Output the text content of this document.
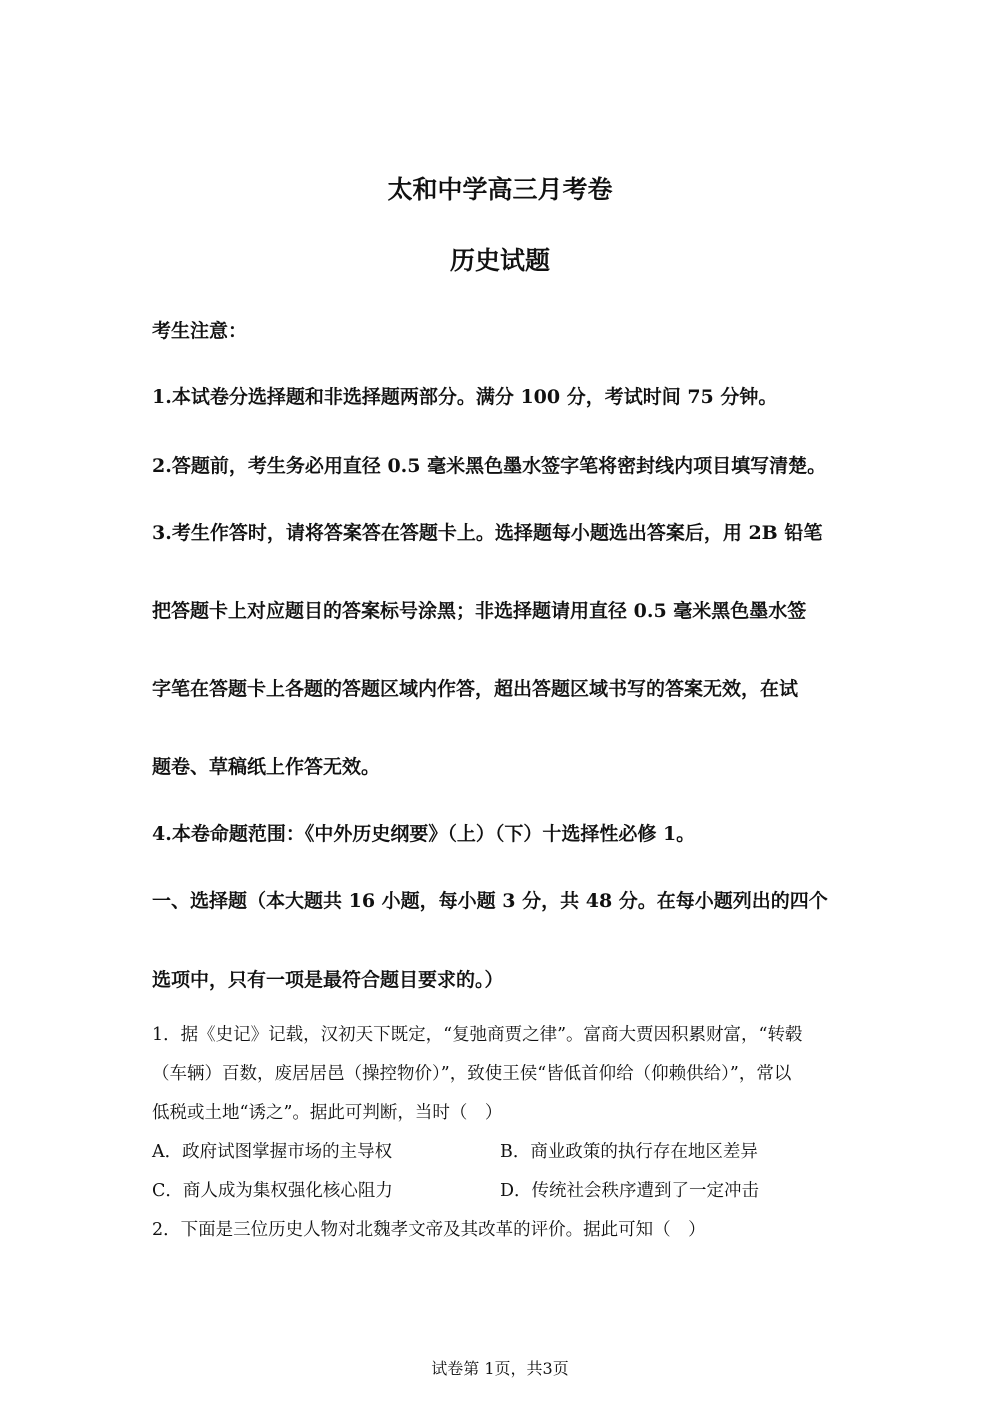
太和中学高三月考卷
历史试题
考生注意：
1.本试卷分选择题和非选择题两部分。满分 100 分，考试时间 75 分钟。
2.答题前，考生务必用直径 0.5 毫米黑色墨水签字笔将密封线内项目填写清楚。
3.考生作答时，请将答案答在答题卡上。选择题每小题选出答案后，用 2B 铅笔
把答题卡上对应题目的答案标号涂黑；非选择题请用直径 0.5 毫米黑色墨水签
字笔在答题卡上各题的答题区域内作答，超出答题区域书写的答案无效，在试
题卷、草稿纸上作答无效。
4.本卷命题范围：《中外历史纲要》（上）（下）十选择性必修 1。
一、选择题（本大题共 16 小题，每小题 3 分，共 48 分。在每小题列出的四个
选项中，只有一项是最符合题目要求的。）
1．据《史记》记载，汉初天下既定，“复弛商贾之律”。富商大贾因积累财富，“转毂
（车辆）百数，废居居邑（操控物价）”，致使王侯“皆低首仰给（仰赖供给）”，常以
低税或土地“诱之”。据此可判断，当时（　）
A．政府试图掌握市场的主导权	B．商业政策的执行存在地区差异
C．商人成为集权强化核心阻力	D．传统社会秩序遭到了一定冲击
2．下面是三位历史人物对北魏孝文帝及其改革的评价。据此可知（　）
试卷第 1页，共3页
